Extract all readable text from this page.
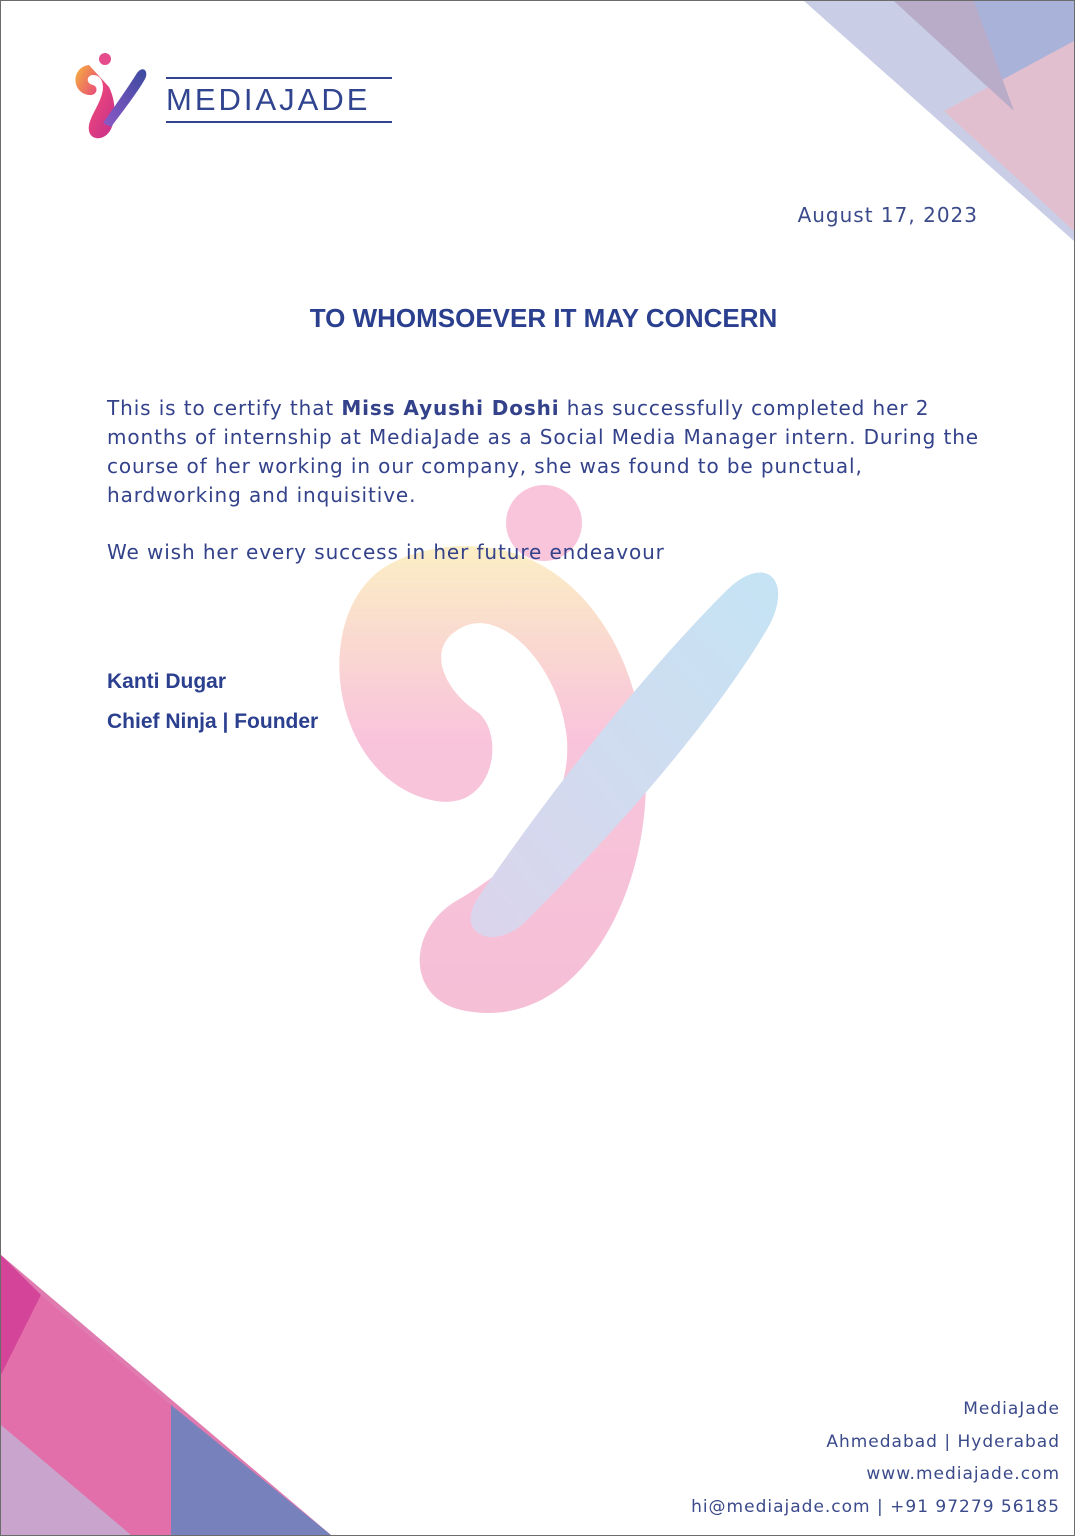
MEDIAJADE
August 17, 2023
TO WHOMSOEVER IT MAY CONCERN

This is to certify that Miss Ayushi Doshi has successfully completed her 2 months of internship at MediaJade as a Social Media Manager intern. During the course of her working in our company, she was found to be punctual, hardworking and inquisitive.

We wish her every success in her future endeavour

Kanti Dugar
Chief Ninja | Founder
MediaJade
Ahmedabad | Hyderabad
www.mediajade.com
hi@mediajade.com | +91 97279 56185
